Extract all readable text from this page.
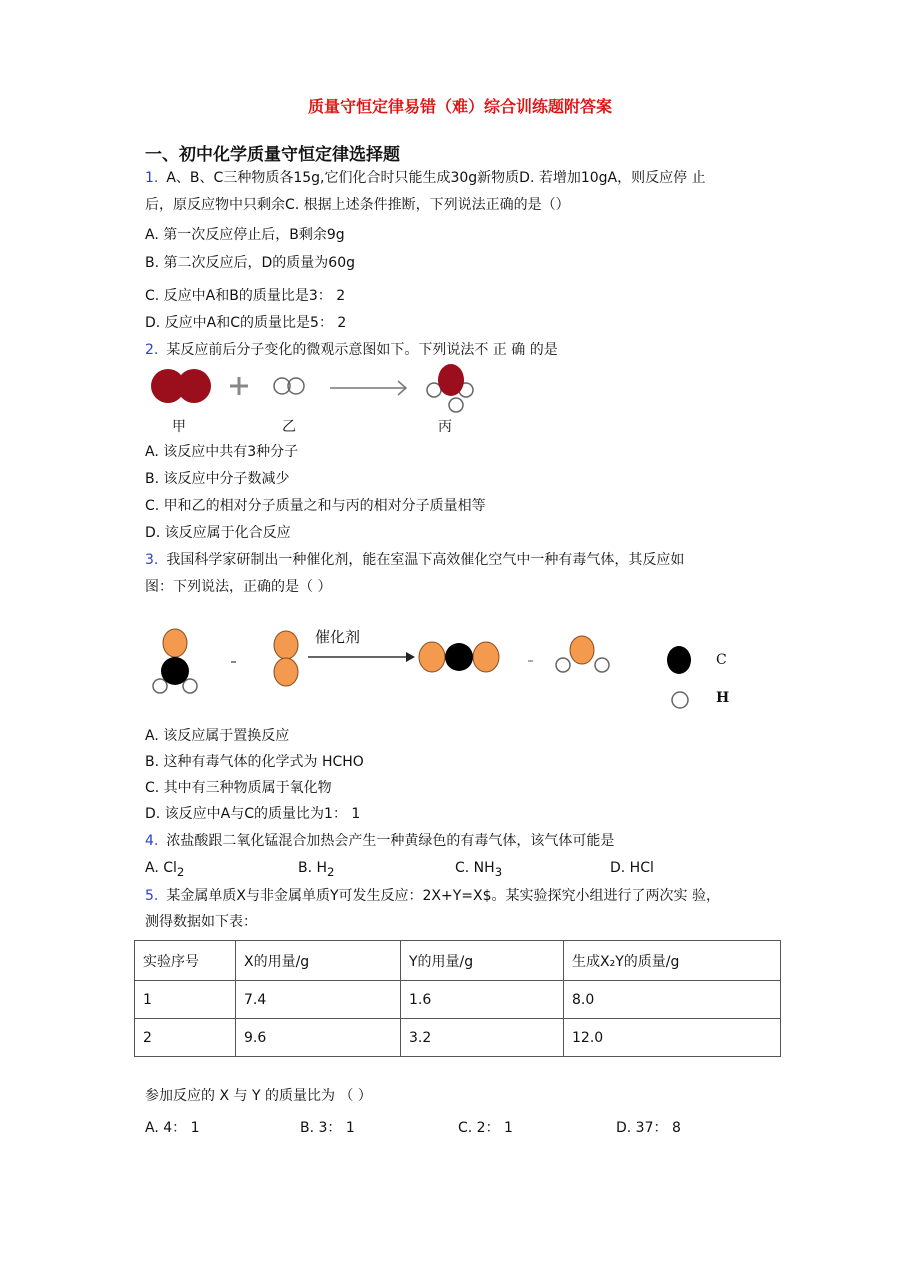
质量守恒定律易错（难）综合训练题附答案
一、初中化学质量守恒定律选择题
1. A、B、C三种物质各15g,它们化合时只能生成30g新物质D. 若增加10gA，则反应停 止
后，原反应物中只剩余C. 根据上述条件推断，下列说法正确的是（）
A. 第一次反应停止后，B剩余9g
B. 第二次反应后，D的质量为60g
C. 反应中A和B的质量比是3： 2
D. 反应中A和C的质量比是5： 2
2. 某反应前后分子变化的微观示意图如下。下列说法不 正 确 的是
甲	乙	丙
A. 该反应中共有3种分子
B. 该反应中分子数减少
C. 甲和乙的相对分子质量之和与丙的相对分子质量相等
D. 该反应属于化合反应
3. 我国科学家研制出一种催化剂，能在室温下高效催化空气中一种有毒气体，其反应如
图：下列说法，正确的是（ ）
催化剂
C
H
A. 该反应属于置换反应
B. 这种有毒气体的化学式为 HCHO
C. 其中有三种物质属于氧化物
D. 该反应中A与C的质量比为1： 1
4. 浓盐酸跟二氧化锰混合加热会产生一种黄绿色的有毒气体，该气体可能是
A. $Cl_2$	B. $H_2$	C. $NH_3$	D. HCl
5. 某金属单质X与非金属单质Y可发生反应：2X+Y=X$。某实验探究小组进行了两次实 验，
测得数据如下表：
实验序号	X的用量/g	Y的用量/g	生成X₂Y的质量/g
1	7.4	1.6	8.0
2	9.6	3.2	12.0
参加反应的 X 与 Y 的质量比为 （ ）
A. 4： 1	B. 3： 1	C. 2： 1	D. 37： 8
